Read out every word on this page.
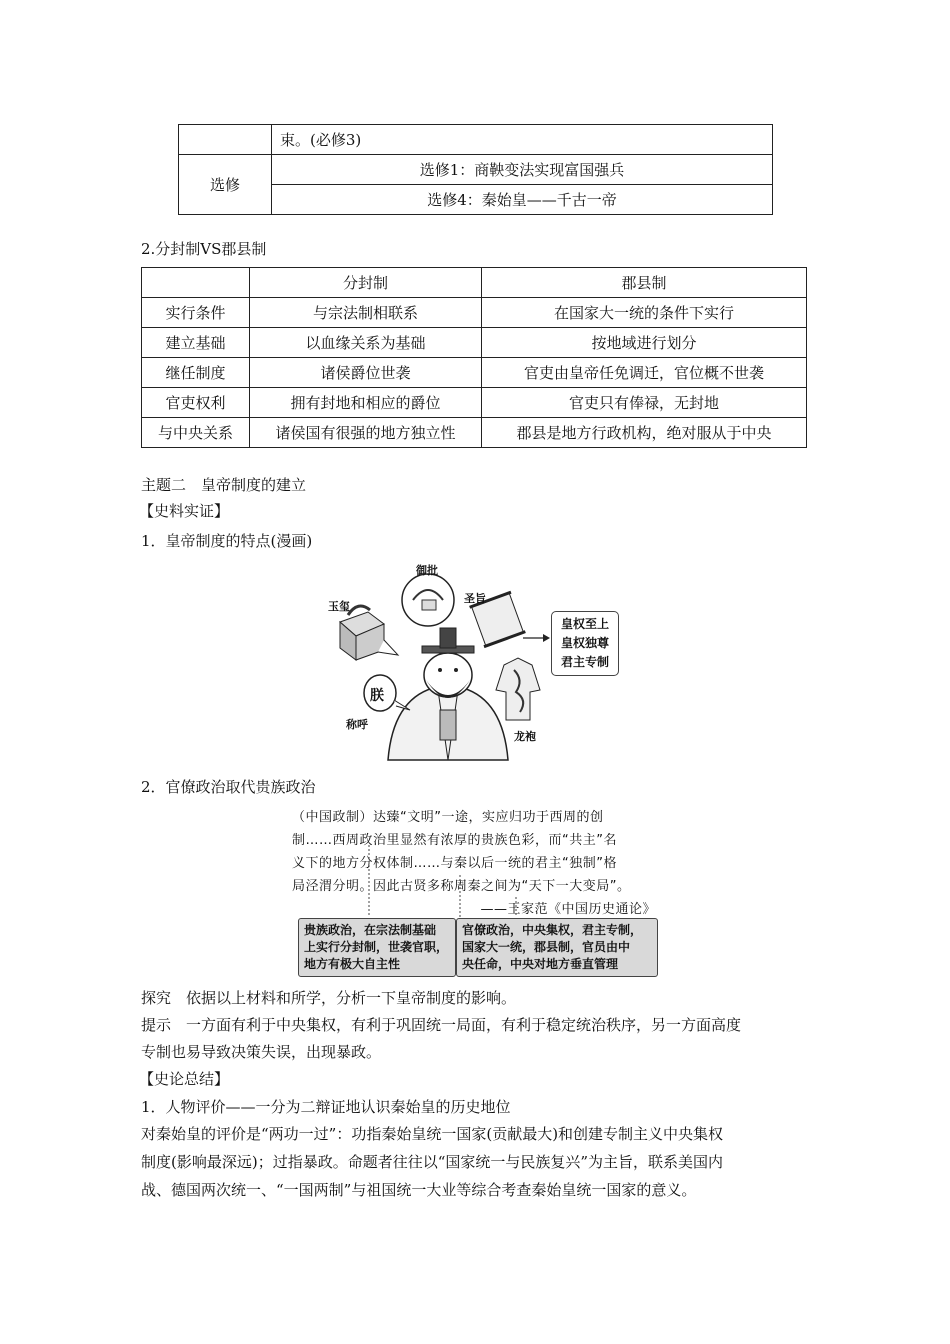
	束。(必修3)
选修	选修1：商鞅变法实现富国强兵
	选修4：秦始皇——千古一帝
2.分封制VS郡县制
	分封制	郡县制
实行条件	与宗法制相联系	在国家大一统的条件下实行
建立基础	以血缘关系为基础	按地域进行划分
继任制度	诸侯爵位世袭	官吏由皇帝任免调迁，官位概不世袭
官吏权利	拥有封地和相应的爵位	官吏只有俸禄，无封地
与中央关系	诸侯国有很强的地方独立性	郡县是地方行政机构，绝对服从于中央
主题二　皇帝制度的建立
【史料实证】
1．皇帝制度的特点(漫画)
御批
圣旨
玉玺
称呼
龙袍
朕
皇权至上
皇权独尊
君主专制
2．官僚政治取代贵族政治
（中国政制）达臻“文明”一途，实应归功于西周的创
制……西周政治里显然有浓厚的贵族色彩，而“共主”名
义下的地方分权体制……与秦以后一统的君主“独制”格
局泾渭分明。因此古贤多称周秦之间为“天下一大变局”。
——王家范《中国历史通论》
贵族政治，在宗法制基础
上实行分封制，世袭官职，
地方有极大自主性
官僚政治，中央集权，君主专制，
国家大一统，郡县制，官员由中
央任命，中央对地方垂直管理
探究　依据以上材料和所学，分析一下皇帝制度的影响。
提示　一方面有利于中央集权，有利于巩固统一局面，有利于稳定统治秩序，另一方面高度
专制也易导致决策失误，出现暴政。
【史论总结】
1．人物评价——一分为二辩证地认识秦始皇的历史地位
对秦始皇的评价是“两功一过”：功指秦始皇统一国家(贡献最大)和创建专制主义中央集权
制度(影响最深远)；过指暴政。命题者往往以“国家统一与民族复兴”为主旨，联系美国内
战、德国两次统一、“一国两制”与祖国统一大业等综合考查秦始皇统一国家的意义。
